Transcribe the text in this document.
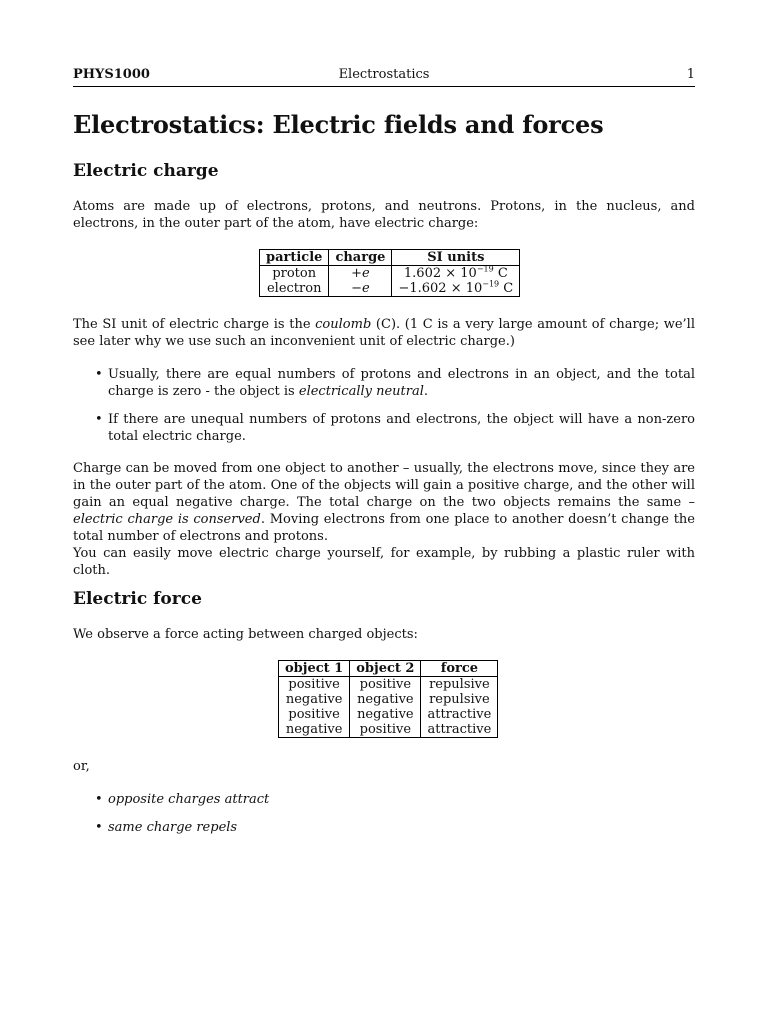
PHYS1000	Electrostatics	1
Electrostatics: Electric fields and forces
Electric charge

Atoms are made up of electrons, protons, and neutrons. Protons, in the nucleus, and electrons, in the outer part of the atom, have electric charge:

particle	charge	SI units
proton	+e	$1.602 \times 10^{-19}$ C
electron	−e	$-1.602 \times 10^{-19}$ C

The SI unit of electric charge is the coulomb (C). (1 C is a very large amount of charge; we’ll see later why we use such an inconvenient unit of electric charge.)

• Usually, there are equal numbers of protons and electrons in an object, and the total charge is zero - the object is electrically neutral.
• If there are unequal numbers of protons and electrons, the object will have a non-zero total electric charge.

Charge can be moved from one object to another – usually, the electrons move, since they are in the outer part of the atom. One of the objects will gain a positive charge, and the other will gain an equal negative charge. The total charge on the two objects remains the same – electric charge is conserved. Moving electrons from one place to another doesn’t change the total number of electrons and protons.

You can easily move electric charge yourself, for example, by rubbing a plastic ruler with cloth.

Electric force

We observe a force acting between charged objects:

object 1	object 2	force
positive	positive	repulsive
negative	negative	repulsive
positive	negative	attractive
negative	positive	attractive

or,

• opposite charges attract
• same charge repels
